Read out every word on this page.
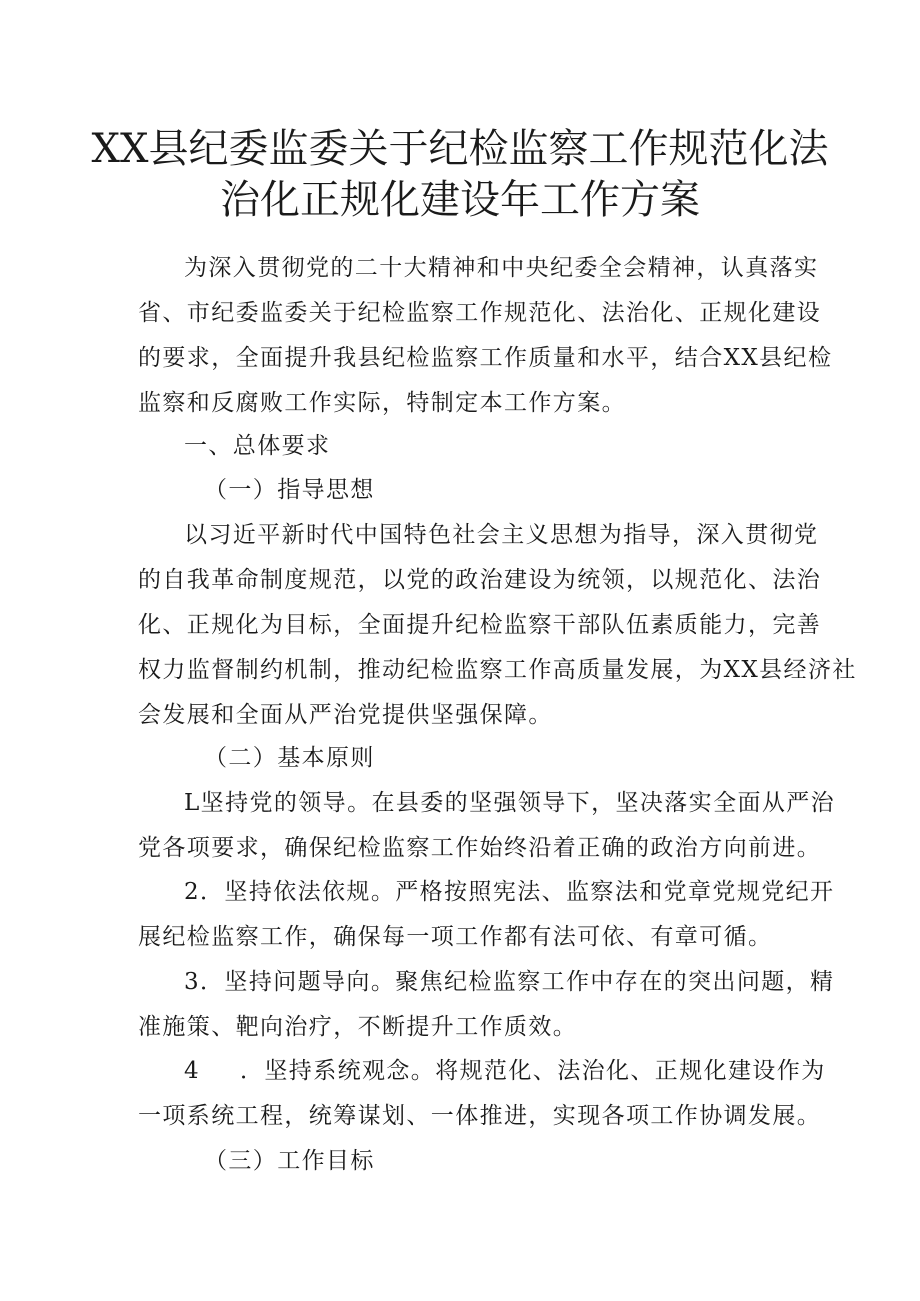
XX县纪委监委关于纪检监察工作规范化法
治化正规化建设年工作方案
为深入贯彻党的二十大精神和中央纪委全会精神，认真落实
省、市纪委监委关于纪检监察工作规范化、法治化、正规化建设
的要求，全面提升我县纪检监察工作质量和水平，结合XX县纪检
监察和反腐败工作实际，特制定本工作方案。
一、总体要求
（一）指导思想
以习近平新时代中国特色社会主义思想为指导，深入贯彻党
的自我革命制度规范，以党的政治建设为统领，以规范化、法治
化、正规化为目标，全面提升纪检监察干部队伍素质能力，完善
权力监督制约机制，推动纪检监察工作高质量发展，为XX县经济社
会发展和全面从严治党提供坚强保障。
（二）基本原则
L坚持党的领导。在县委的坚强领导下，坚决落实全面从严治
党各项要求，确保纪检监察工作始终沿着正确的政治方向前进。
2．坚持依法依规。严格按照宪法、监察法和党章党规党纪开
展纪检监察工作，确保每一项工作都有法可依、有章可循。
3．坚持问题导向。聚焦纪检监察工作中存在的突出问题，精
准施策、靶向治疗，不断提升工作质效。
4 ．坚持系统观念。将规范化、法治化、正规化建设作为
一项系统工程，统筹谋划、一体推进，实现各项工作协调发展。
（三）工作目标
